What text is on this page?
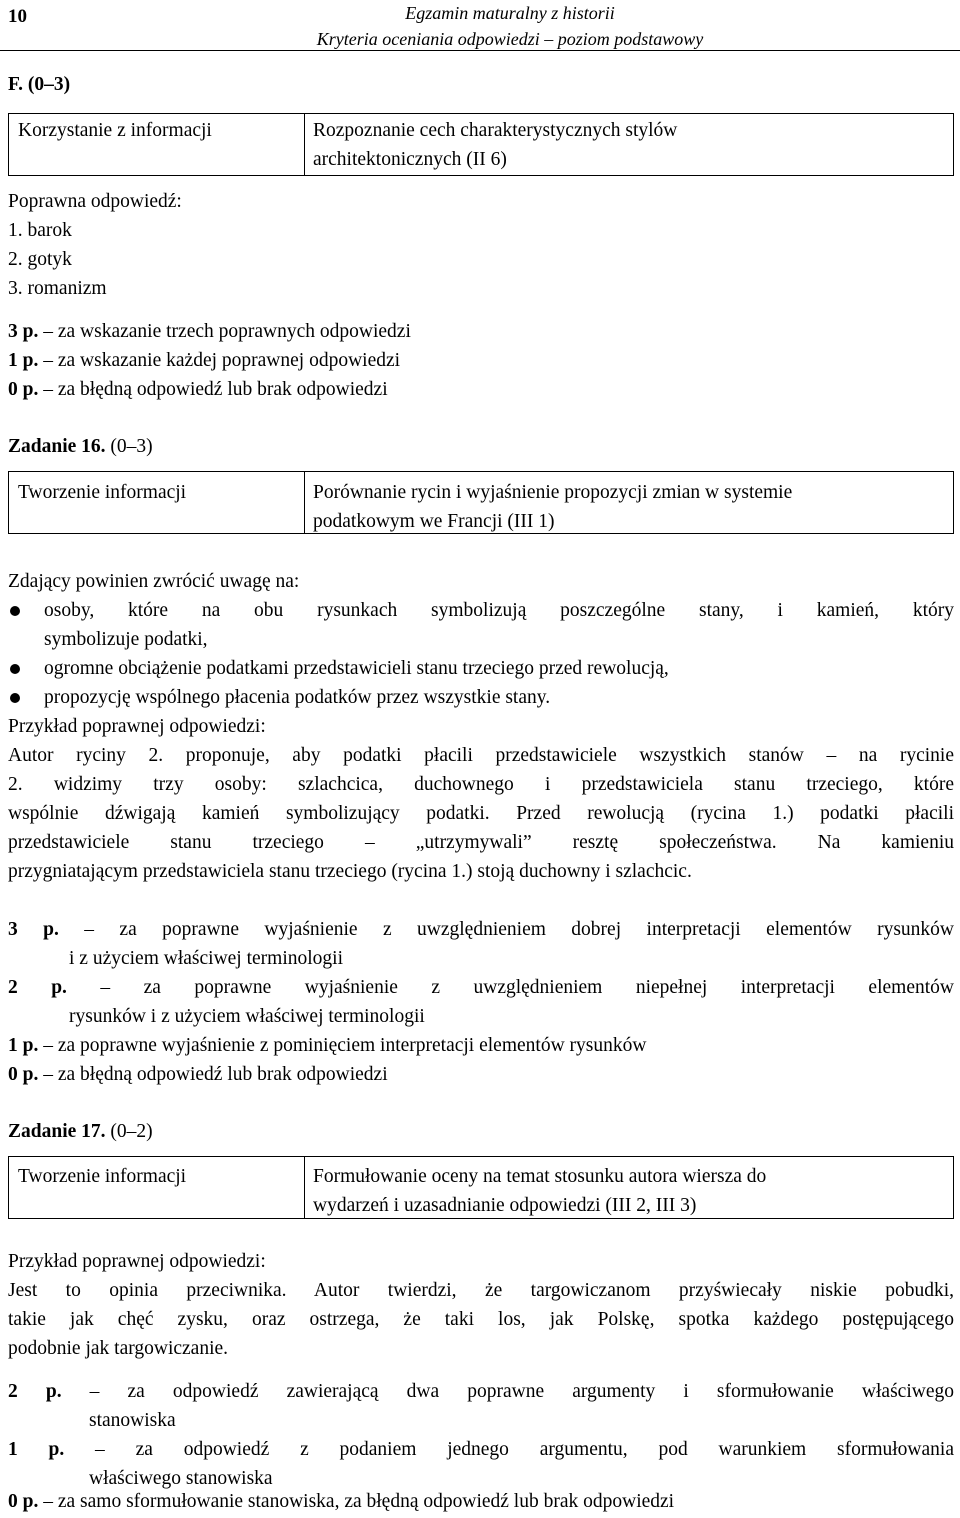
10	Egzamin maturalny z historii
Kryteria oceniania odpowiedzi – poziom podstawowy
F. (0–3)
Korzystanie z informacji	Rozpoznanie cech charakterystycznych stylów
architektonicznych (II 6)
Poprawna odpowiedź:
1. barok
2. gotyk
3. romanizm
3 p. – za wskazanie trzech poprawnych odpowiedzi
1 p. – za wskazanie każdej poprawnej odpowiedzi
0 p. – za błędną odpowiedź lub brak odpowiedzi
Zadanie 16. (0–3)
Tworzenie informacji	Porównanie rycin i wyjaśnienie propozycji zmian w systemie
podatkowym we Francji (III 1)
Zdający powinien zwrócić uwagę na:
osoby, które na obu rysunkach symbolizują poszczególne stany, i kamień, który
symbolizuje podatki,
ogromne obciążenie podatkami przedstawicieli stanu trzeciego przed rewolucją,
propozycję wspólnego płacenia podatków przez wszystkie stany.
Przykład poprawnej odpowiedzi:
Autor ryciny 2. proponuje, aby podatki płacili przedstawiciele wszystkich stanów – na rycinie
2. widzimy trzy osoby: szlachcica, duchownego i przedstawiciela stanu trzeciego, które
wspólnie dźwigają kamień symbolizujący podatki. Przed rewolucją (rycina 1.) podatki płacili
przedstawiciele stanu trzeciego – „utrzymywali” resztę społeczeństwa. Na kamieniu
przygniatającym przedstawiciela stanu trzeciego (rycina 1.) stoją duchowny i szlachcic.
3 p. – za poprawne wyjaśnienie z uwzględnieniem dobrej interpretacji elementów rysunków
i z użyciem właściwej terminologii
2 p. – za poprawne wyjaśnienie z uwzględnieniem niepełnej interpretacji elementów
rysunków i z użyciem właściwej terminologii
1 p. – za poprawne wyjaśnienie z pominięciem interpretacji elementów rysunków
0 p. – za błędną odpowiedź lub brak odpowiedzi
Zadanie 17. (0–2)
Tworzenie informacji	Formułowanie oceny na temat stosunku autora wiersza do
wydarzeń i uzasadnianie odpowiedzi (III 2, III 3)
Przykład poprawnej odpowiedzi:
Jest to opinia przeciwnika. Autor twierdzi, że targowiczanom przyświecały niskie pobudki,
takie jak chęć zysku, oraz ostrzega, że taki los, jak Polskę, spotka każdego postępującego
podobnie jak targowiczanie.
2 p. – za odpowiedź zawierającą dwa poprawne argumenty i sformułowanie właściwego
stanowiska
1 p. – za odpowiedź z podaniem jednego argumentu, pod warunkiem sformułowania
właściwego stanowiska
0 p. – za samo sformułowanie stanowiska, za błędną odpowiedź lub brak odpowiedzi
